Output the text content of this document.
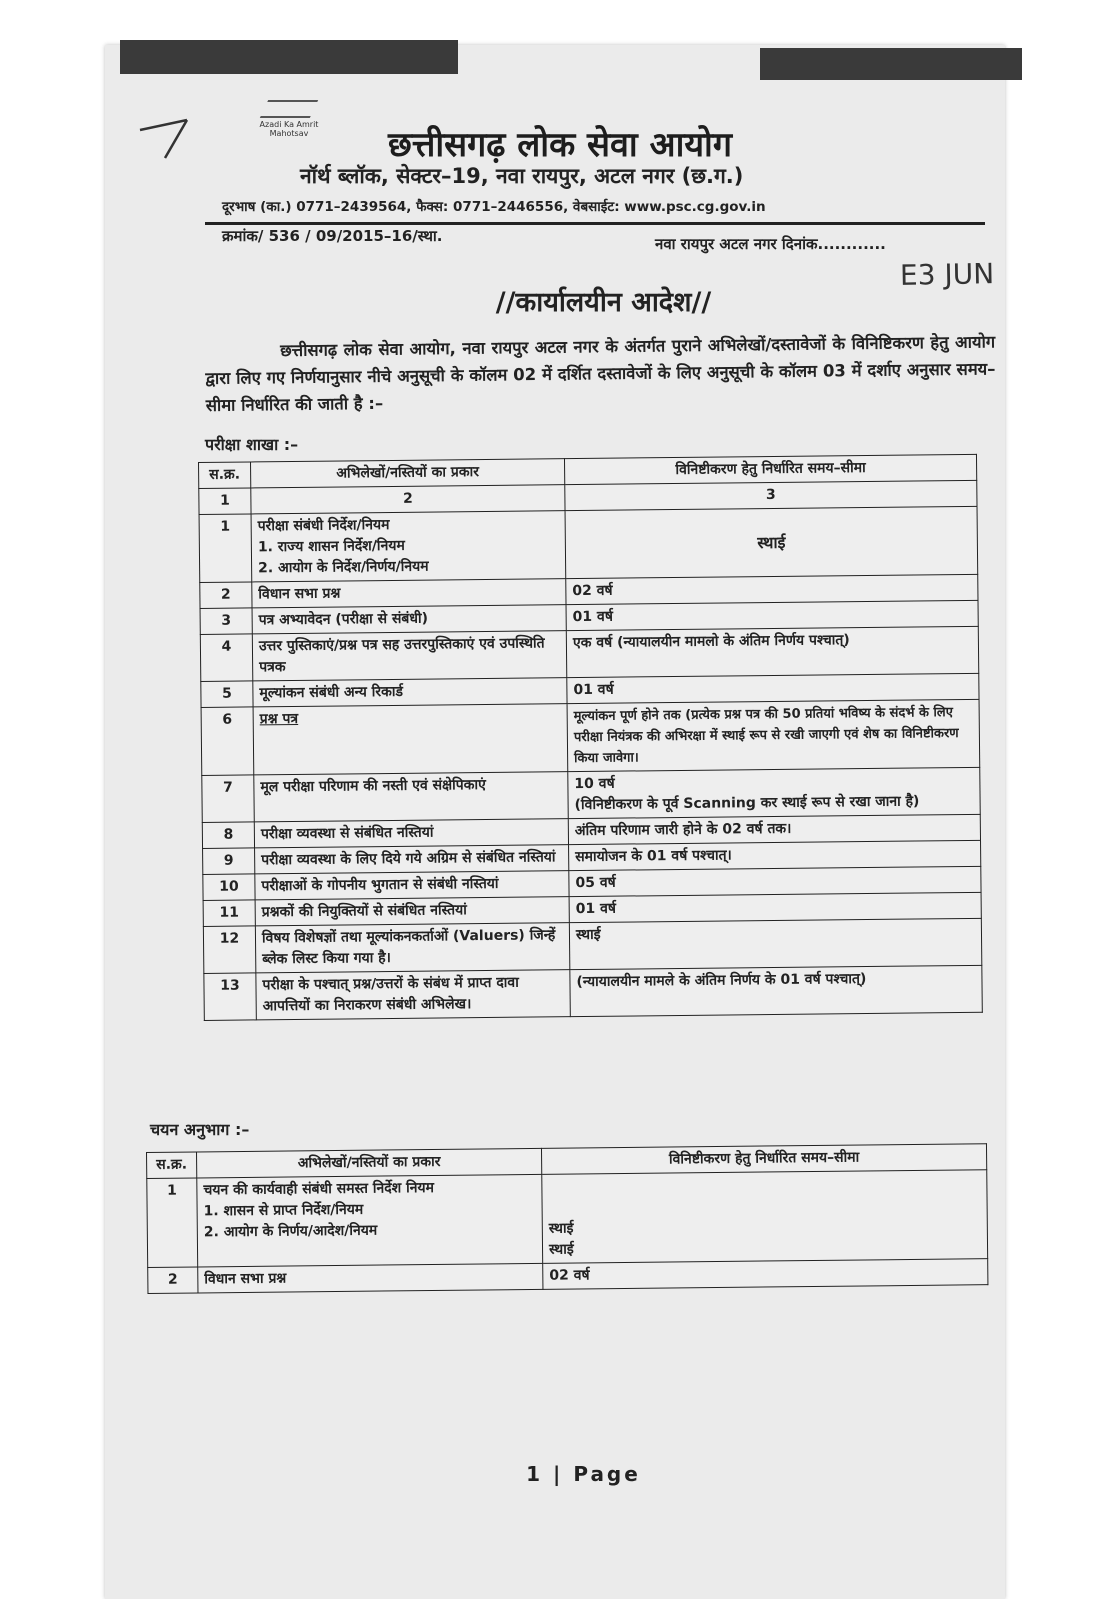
Azadi Ka Amrit Mahotsav	छत्तीसगढ़ लोक सेवा आयोग
नॉर्थ ब्लॉक, सेक्टर–19, नवा रायपुर, अटल नगर (छ.ग.)
दूरभाष (का.) 0771–2439564, फैक्स: 0771–2446556, वेबसाईट: www.psc.cg.gov.in
क्रमांक/ 536 / 09/2015–16/स्था.	नवा रायपुर अटल नगर दिनांक............
E3 JUN
//कार्यालयीन आदेश//
छत्तीसगढ़ लोक सेवा आयोग, नवा रायपुर अटल नगर के अंतर्गत पुराने अभिलेखों/दस्तावेजों के विनिष्टिकरण हेतु आयोग द्वारा लिए गए निर्णयानुसार नीचे अनुसूची के कॉलम 02 में दर्शित दस्तावेजों के लिए अनुसूची के कॉलम 03 में दर्शाए अनुसार समय–सीमा निर्धारित की जाती है :–
परीक्षा शाखा :–
स.क्र.	अभिलेखों/नस्तियों का प्रकार	विनिष्टीकरण हेतु निर्धारित समय–सीमा
1	2	3
1	परीक्षा संबंधी निर्देश/नियम
1. राज्य शासन निर्देश/नियम
2. आयोग के निर्देश/निर्णय/नियम	स्थाई
2	विधान सभा प्रश्न	02 वर्ष
3	पत्र अभ्यावेदन (परीक्षा से संबंधी)	01 वर्ष
4	उत्तर पुस्तिकाएं/प्रश्न पत्र सह उत्तरपुस्तिकाएं एवं उपस्थिति पत्रक	एक वर्ष (न्यायालयीन मामलो के अंतिम निर्णय पश्चात्)
5	मूल्यांकन संबंधी अन्य रिकार्ड	01 वर्ष
6	प्रश्न पत्र	मूल्यांकन पूर्ण होने तक (प्रत्येक प्रश्न पत्र की 50 प्रतियां भविष्य के संदर्भ के लिए परीक्षा नियंत्रक की अभिरक्षा में स्थाई रूप से रखी जाएगी एवं शेष का विनिष्टीकरण किया जावेगा।
7	मूल परीक्षा परिणाम की नस्ती एवं संक्षेपिकाएं	10 वर्ष
(विनिष्टीकरण के पूर्व Scanning कर स्थाई रूप से रखा जाना है)

8	परीक्षा व्यवस्था से संबंधित नस्तियां	अंतिम परिणाम जारी होने के 02 वर्ष तक।
9	परीक्षा व्यवस्था के लिए दिये गये अग्रिम से संबंधित नस्तियां	समायोजन के 01 वर्ष पश्चात्।
10	परीक्षाओं के गोपनीय भुगतान से संबंधी नस्तियां	05 वर्ष
11	प्रश्नकों की नियुक्तियों से संबंधित नस्तियां	01 वर्ष
12	विषय विशेषज्ञों तथा मूल्यांकनकर्ताओं (Valuers) जिन्हें ब्लेक लिस्ट किया गया है।	स्थाई
13	परीक्षा के पश्चात् प्रश्न/उत्तरों के संबंध में प्राप्त दावा आपत्तियों का निराकरण संबंधी अभिलेख।	(न्यायालयीन मामले के अंतिम निर्णय के 01 वर्ष पश्चात्)
चयन अनुभाग :–
स.क्र.	अभिलेखों/नस्तियों का प्रकार	विनिष्टीकरण हेतु निर्धारित समय–सीमा
1	चयन की कार्यवाही संबंधी समस्त निर्देश नियम
1. शासन से प्राप्त निर्देश/नियम
2. आयोग के निर्णय/आदेश/नियम	स्थाई
स्थाई

2	विधान सभा प्रश्न	02 वर्ष
1 | Page
